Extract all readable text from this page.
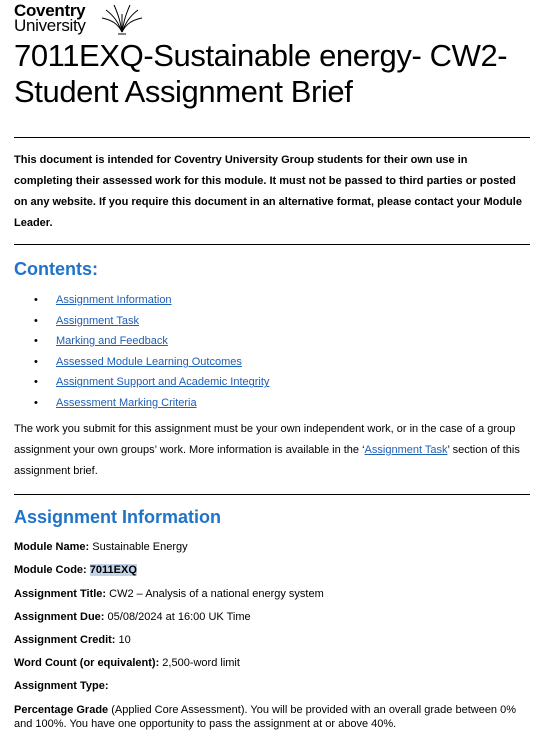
Coventry
University
7011EXQ-Sustainable energy- CW2- Student Assignment Brief
This document is intended for Coventry University Group students for their own use in completing their assessed work for this module. It must not be passed to third parties or posted on any website. If you require this document in an alternative format, please contact your Module Leader.
Contents:
• Assignment Information
• Assignment Task
• Marking and Feedback
• Assessed Module Learning Outcomes
• Assignment Support and Academic Integrity
• Assessment Marking Criteria
The work you submit for this assignment must be your own independent work, or in the case of a group assignment your own groups’ work. More information is available in the ‘Assignment Task’ section of this assignment brief.
Assignment Information
Module Name: Sustainable Energy
Module Code: 7011EXQ
Assignment Title: CW2 – Analysis of a national energy system
Assignment Due: 05/08/2024 at 16:00 UK Time
Assignment Credit: 10
Word Count (or equivalent): 2,500-word limit
Assignment Type:
Percentage Grade (Applied Core Assessment). You will be provided with an overall grade between 0% and 100%. You have one opportunity to pass the assignment at or above 40%.
